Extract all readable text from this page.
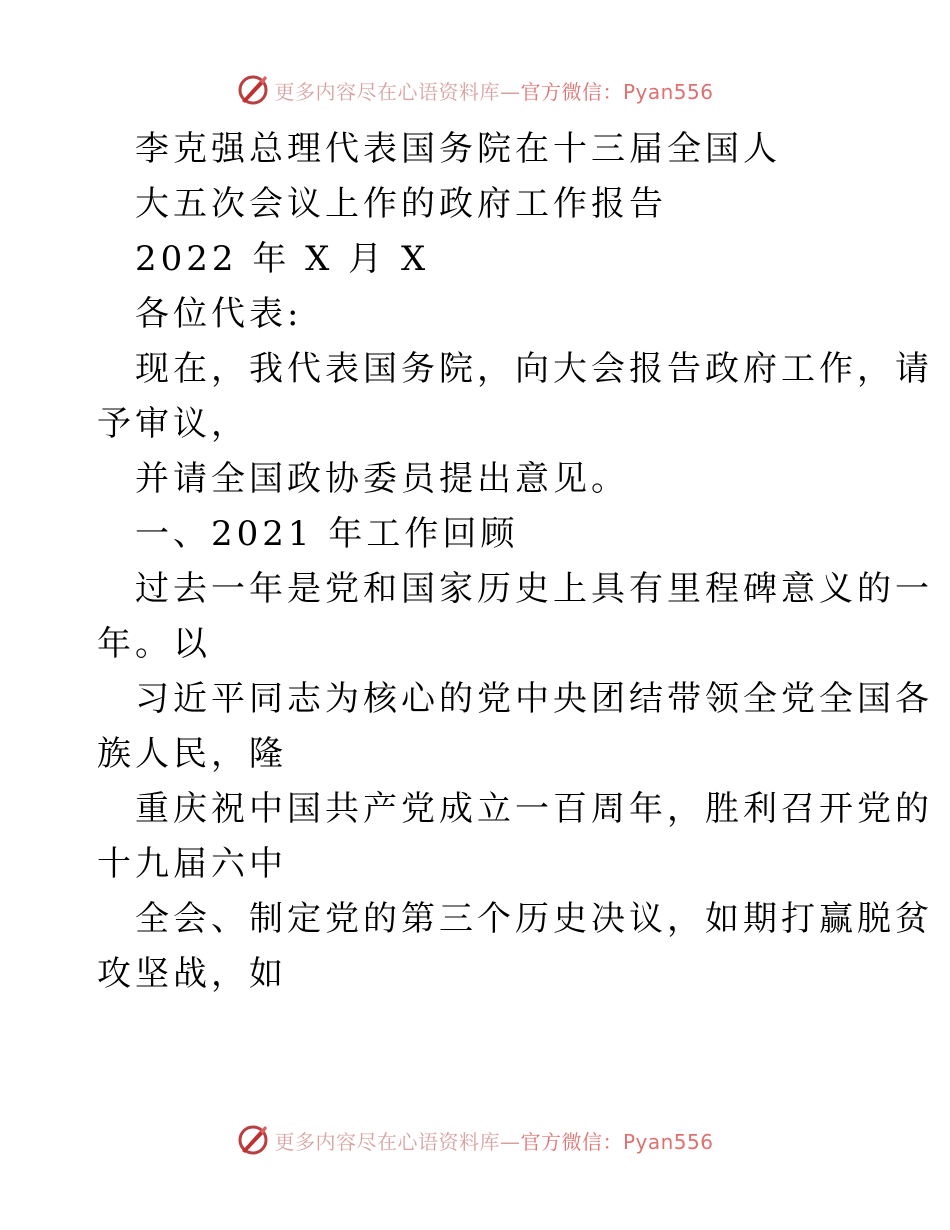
更多内容尽在心语资料库—官方微信：Pyan556
李克强总理代表国务院在十三届全国人
大五次会议上作的政府工作报告
2022 年 X 月 X
各位代表:
现在，我代表国务院，向大会报告政府工作，请
予审议，
并请全国政协委员提出意见。
一、2021 年工作回顾
过去一年是党和国家历史上具有里程碑意义的一
年。以
习近平同志为核心的党中央团结带领全党全国各
族人民，隆
重庆祝中国共产党成立一百周年，胜利召开党的
十九届六中
全会、制定党的第三个历史决议，如期打赢脱贫
攻坚战，如
更多内容尽在心语资料库—官方微信：Pyan556
